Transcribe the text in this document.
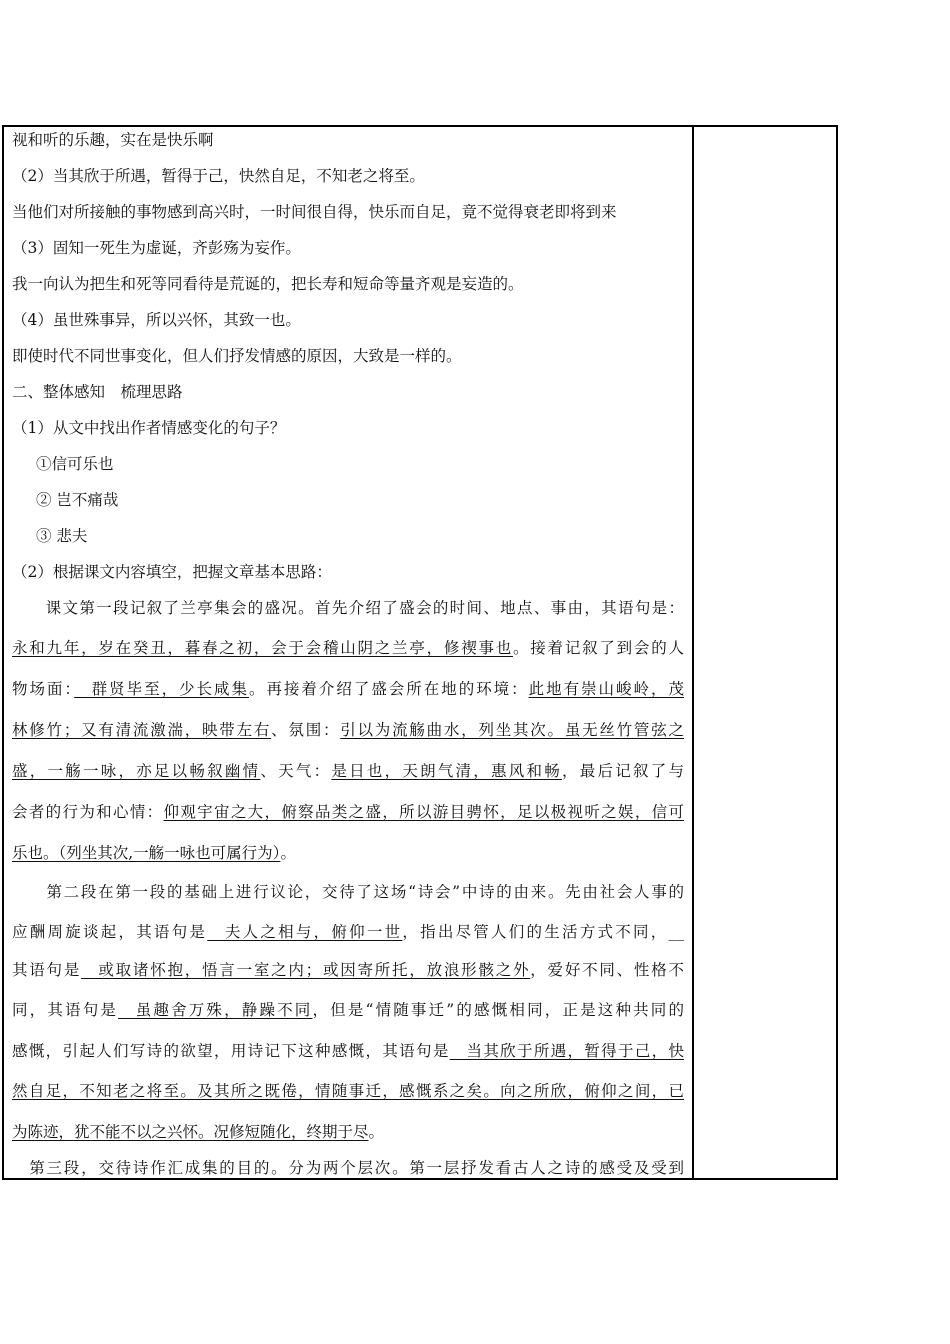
视和听的乐趣，实在是快乐啊
（2）当其欣于所遇，暂得于己，快然自足，不知老之将至。
当他们对所接触的事物感到高兴时，一时间很自得，快乐而自足，竟不觉得衰老即将到来
（3）固知一死生为虚诞，齐彭殇为妄作。
我一向认为把生和死等同看待是荒诞的，把长寿和短命等量齐观是妄造的。
（4）虽世殊事异，所以兴怀，其致一也。
即使时代不同世事变化，但人们抒发情感的原因，大致是一样的。
二、整体感知　梳理思路
（1）从文中找出作者情感变化的句子？
①信可乐也
② 岂不痛哉
③ 悲夫
（2）根据课文内容填空，把握文章基本思路：
　　课文第一段记叙了兰亭集会的盛况。首先介绍了盛会的时间、地点、事由，其语句是：
永和九年，岁在癸丑，暮春之初，会于会稽山阴之兰亭，修禊事也。接着记叙了到会的人
物场面：　群贤毕至，少长咸集。再接着介绍了盛会所在地的环境：此地有崇山峻岭，茂
林修竹；又有清流激湍，映带左右、氛围：引以为流觞曲水，列坐其次。虽无丝竹管弦之
盛，一觞一咏，亦足以畅叙幽情、天气：是日也，天朗气清，惠风和畅，最后记叙了与
会者的行为和心情：仰观宇宙之大，俯察品类之盛，所以游目骋怀，足以极视听之娱，信可
乐也。（列坐其次,一觞一咏也可属行为）。
　　第二段在第一段的基础上进行议论，交待了这场“诗会”中诗的由来。先由社会人事的
应酬周旋谈起，其语句是　夫人之相与，俯仰一世，指出尽管人们的生活方式不同，__
其语句是　或取诸怀抱，悟言一室之内；或因寄所托，放浪形骸之外，爱好不同、性格不
同，其语句是　虽趣舍万殊，静躁不同，但是“情随事迁”的感慨相同，正是这种共同的
感慨，引起人们写诗的欲望，用诗记下这种感慨，其语句是　当其欣于所遇，暂得于己，快
然自足，不知老之将至。及其所之既倦，情随事迁，感慨系之矣。向之所欣，俯仰之间，已
为陈迹，犹不能不以之兴怀。况修短随化，终期于尽。
　第三段，交待诗作汇成集的目的。分为两个层次。第一层抒发看古人之诗的感受及受到
